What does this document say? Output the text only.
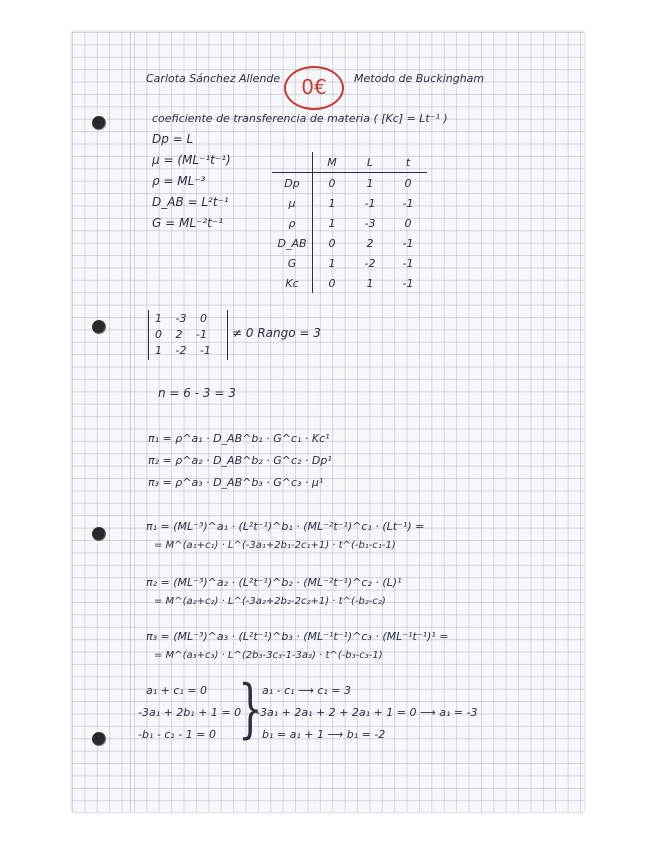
Carlota Sánchez Allende	0€	Metodo de Buckingham
coeficiente de transferencia de materia ( [Kc] = Lt⁻¹ )
Dp = L
μ = (ML⁻¹t⁻¹)
ρ = ML⁻³
D_AB = L²t⁻¹
G = ML⁻²t⁻¹
	M	L	t
Dp	0	1	0
μ	1	-1	-1
ρ	1	-3	0
D_AB	0	2	-1
G	1	-2	-1
Kc	0	1	-1
1 -3 0
0 2 -1
1 -2 -1
≠ 0 Rango = 3
n = 6 - 3 = 3
π₁ = ρ^a₁ · D_AB^b₁ · G^c₁ · Kc¹
π₂ = ρ^a₂ · D_AB^b₂ · G^c₂ · Dp¹
π₃ = ρ^a₃ · D_AB^b₃ · G^c₃ · μ¹
π₁ = (ML⁻³)^a₁ · (L²t⁻¹)^b₁ · (ML⁻²t⁻¹)^c₁ · (Lt⁻¹) =
= M^(a₁+c₁) · L^(-3a₁+2b₁-2c₁+1) · t^(-b₁-c₁-1)
π₂ = (ML⁻³)^a₂ · (L²t⁻¹)^b₂ · (ML⁻²t⁻¹)^c₂ · (L)¹
= M^(a₂+c₂) · L^(-3a₂+2b₂-2c₂+1) · t^(-b₂-c₂)
π₃ = (ML⁻³)^a₃ · (L²t⁻¹)^b₃ · (ML⁻¹t⁻¹)^c₃ · (ML⁻¹t⁻¹)¹ =
= M^(a₃+c₃) · L^(2b₃-3c₃-1-3a₃) · t^(-b₃-c₃-1)
a₁ + c₁ = 0
-3a₁ + 2b₁ + 1 = 0
-b₁ - c₁ - 1 = 0 } a₁ - c₁ ⟶ c₁ = 3
-3a₁ + 2a₁ + 2 + 2a₁ + 1 = 0 ⟶ a₁ = -3
b₁ = a₁ + 1 ⟶ b₁ = -2
